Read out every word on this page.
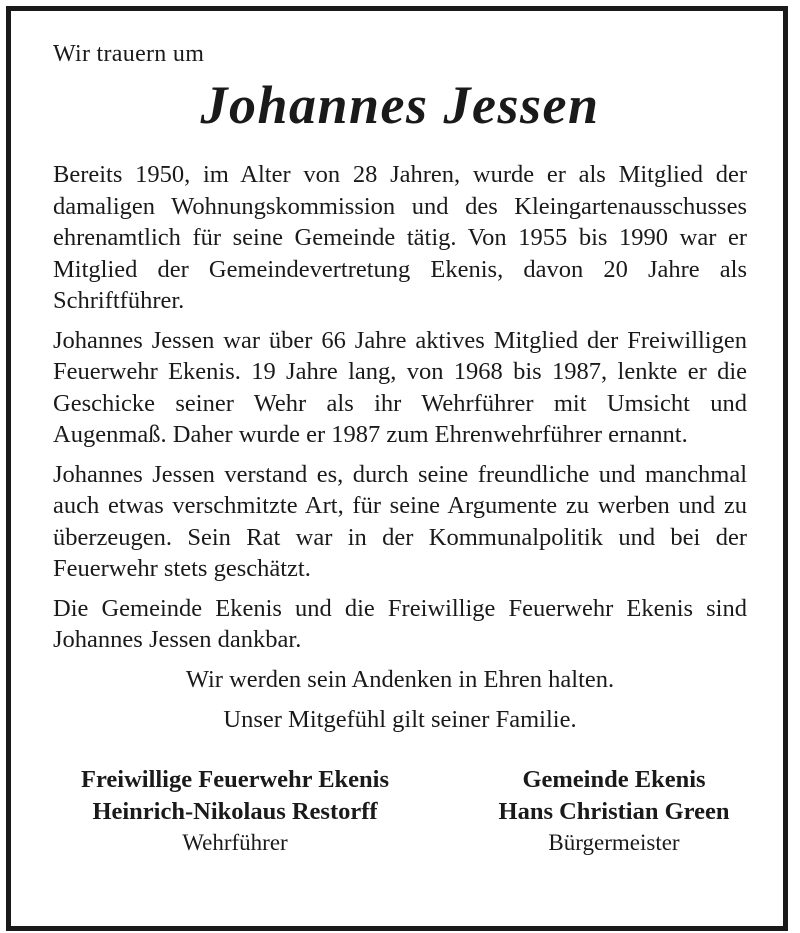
Wir trauern um

Johannes Jessen

Bereits 1950, im Alter von 28 Jahren, wurde er als Mitglied der damaligen Wohnungskommission und des Kleingartenausschusses ehrenamtlich für seine Gemeinde tätig. Von 1955 bis 1990 war er Mitglied der Gemeindevertretung Ekenis, davon 20 Jahre als Schriftführer.

Johannes Jessen war über 66 Jahre aktives Mitglied der Freiwilligen Feuerwehr Ekenis. 19 Jahre lang, von 1968 bis 1987, lenkte er die Geschicke seiner Wehr als ihr Wehrführer mit Umsicht und Augenmaß. Daher wurde er 1987 zum Ehrenwehrführer ernannt.

Johannes Jessen verstand es, durch seine freundliche und manchmal auch etwas verschmitzte Art, für seine Argumente zu werben und zu überzeugen. Sein Rat war in der Kommunalpolitik und bei der Feuerwehr stets geschätzt.

Die Gemeinde Ekenis und die Freiwillige Feuerwehr Ekenis sind Johannes Jessen dankbar.

Wir werden sein Andenken in Ehren halten.

Unser Mitgefühl gilt seiner Familie.

Freiwillige Feuerwehr Ekenis
Heinrich-Nikolaus Restorff
Wehrführer
Gemeinde Ekenis
Hans Christian Green
Bürgermeister
